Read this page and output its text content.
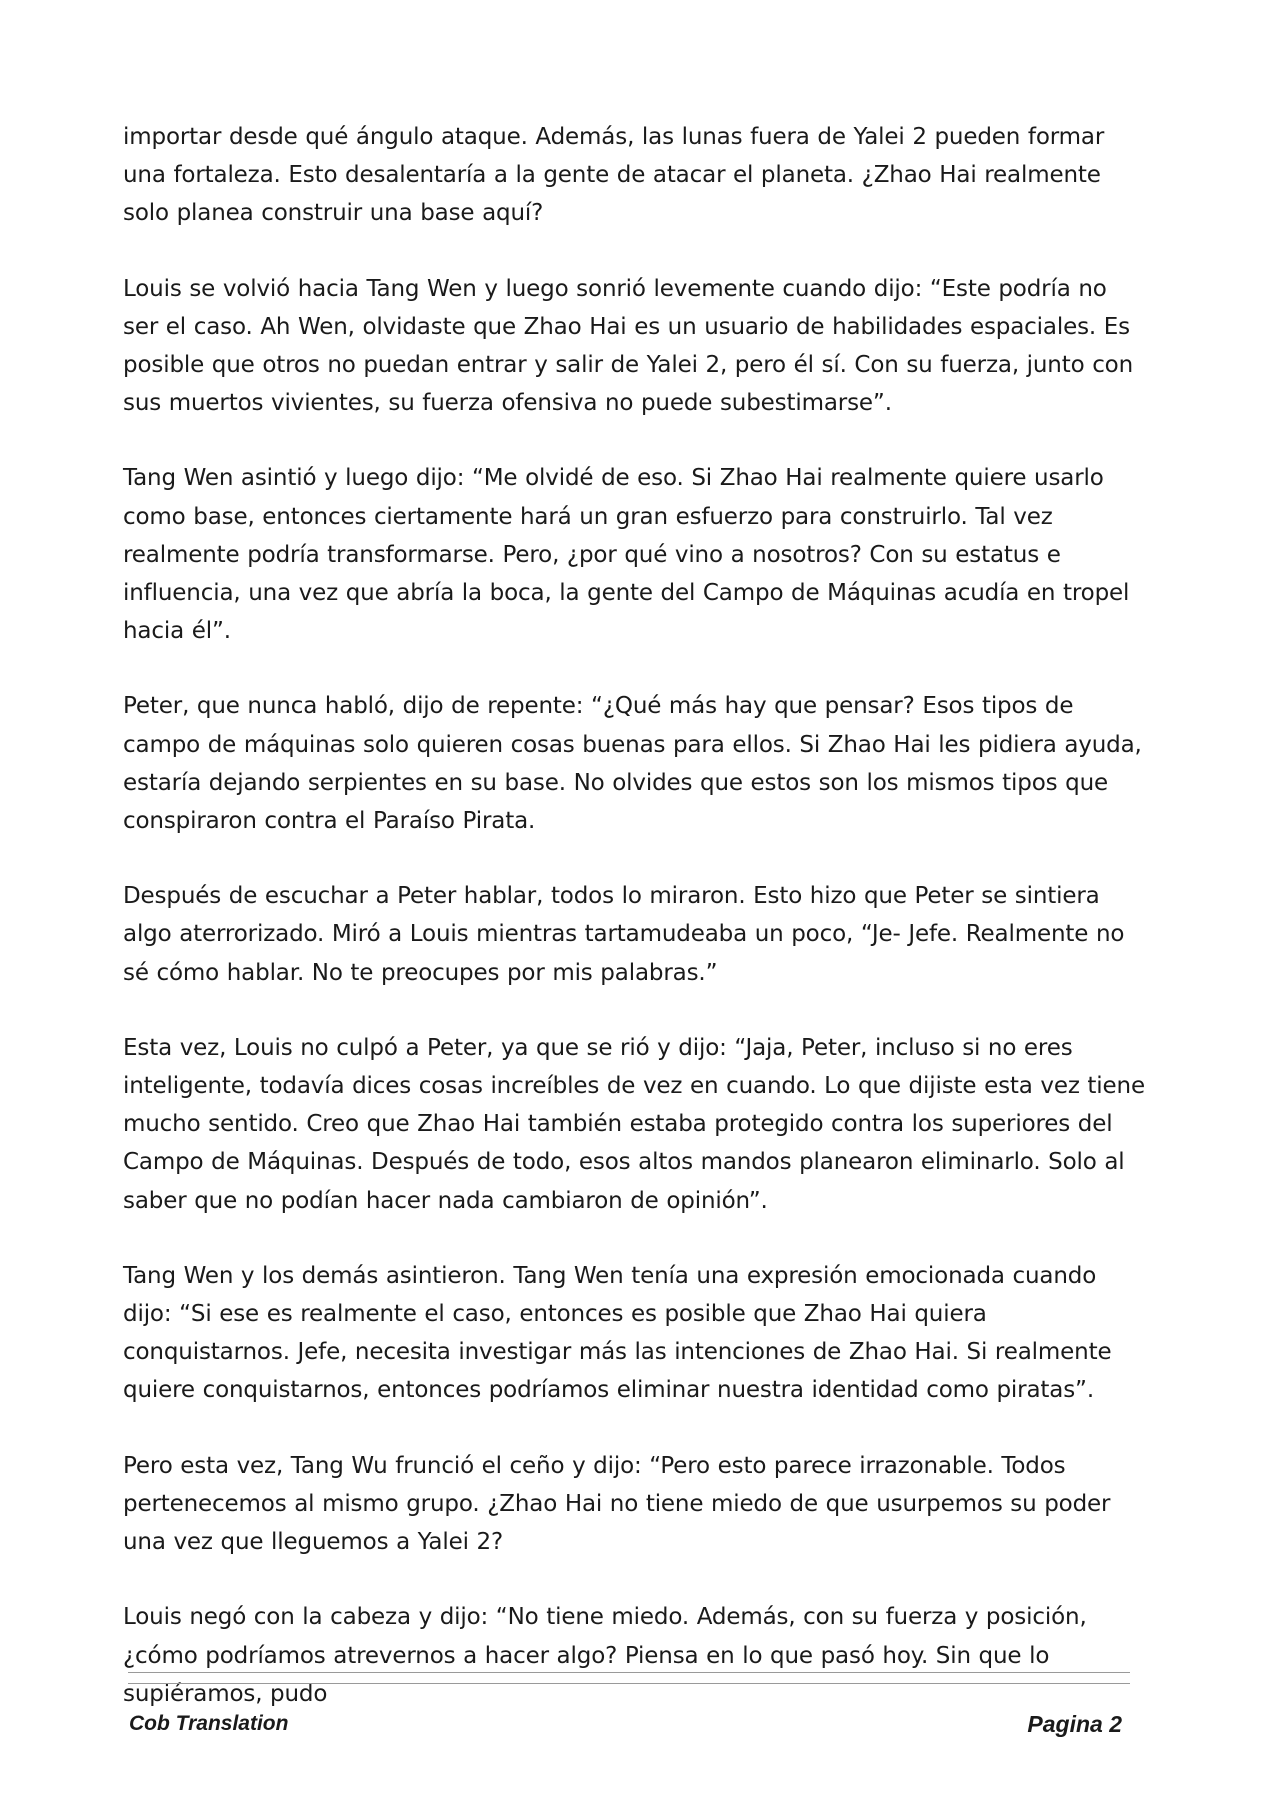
importar desde qué ángulo ataque. Además, las lunas fuera de Yalei 2 pueden formar una fortaleza. Esto desalentaría a la gente de atacar el planeta. ¿Zhao Hai realmente solo planea construir una base aquí?

Louis se volvió hacia Tang Wen y luego sonrió levemente cuando dijo: “Este podría no ser el caso. Ah Wen, olvidaste que Zhao Hai es un usuario de habilidades espaciales. Es posible que otros no puedan entrar y salir de Yalei 2, pero él sí. Con su fuerza, junto con sus muertos vivientes, su fuerza ofensiva no puede subestimarse”.

Tang Wen asintió y luego dijo: “Me olvidé de eso. Si Zhao Hai realmente quiere usarlo como base, entonces ciertamente hará un gran esfuerzo para construirlo. Tal vez realmente podría transformarse. Pero, ¿por qué vino a nosotros? Con su estatus e influencia, una vez que abría la boca, la gente del Campo de Máquinas acudía en tropel hacia él”.

Peter, que nunca habló, dijo de repente: “¿Qué más hay que pensar? Esos tipos de campo de máquinas solo quieren cosas buenas para ellos. Si Zhao Hai les pidiera ayuda, estaría dejando serpientes en su base. No olvides que estos son los mismos tipos que conspiraron contra el Paraíso Pirata.

Después de escuchar a Peter hablar, todos lo miraron. Esto hizo que Peter se sintiera algo aterrorizado. Miró a Louis mientras tartamudeaba un poco, “Je- Jefe. Realmente no sé cómo hablar. No te preocupes por mis palabras.”

Esta vez, Louis no culpó a Peter, ya que se rió y dijo: “Jaja, Peter, incluso si no eres inteligente, todavía dices cosas increíbles de vez en cuando. Lo que dijiste esta vez tiene mucho sentido. Creo que Zhao Hai también estaba protegido contra los superiores del Campo de Máquinas. Después de todo, esos altos mandos planearon eliminarlo. Solo al saber que no podían hacer nada cambiaron de opinión”.

Tang Wen y los demás asintieron. Tang Wen tenía una expresión emocionada cuando dijo: “Si ese es realmente el caso, entonces es posible que Zhao Hai quiera conquistarnos. Jefe, necesita investigar más las intenciones de Zhao Hai. Si realmente quiere conquistarnos, entonces podríamos eliminar nuestra identidad como piratas”.

Pero esta vez, Tang Wu frunció el ceño y dijo: “Pero esto parece irrazonable. Todos pertenecemos al mismo grupo. ¿Zhao Hai no tiene miedo de que usurpemos su poder una vez que lleguemos a Yalei 2?

Louis negó con la cabeza y dijo: “No tiene miedo. Además, con su fuerza y posición, ¿cómo podríamos atrevernos a hacer algo? Piensa en lo que pasó hoy. Sin que lo supiéramos, pudo

Cob Translation	Pagina 2
